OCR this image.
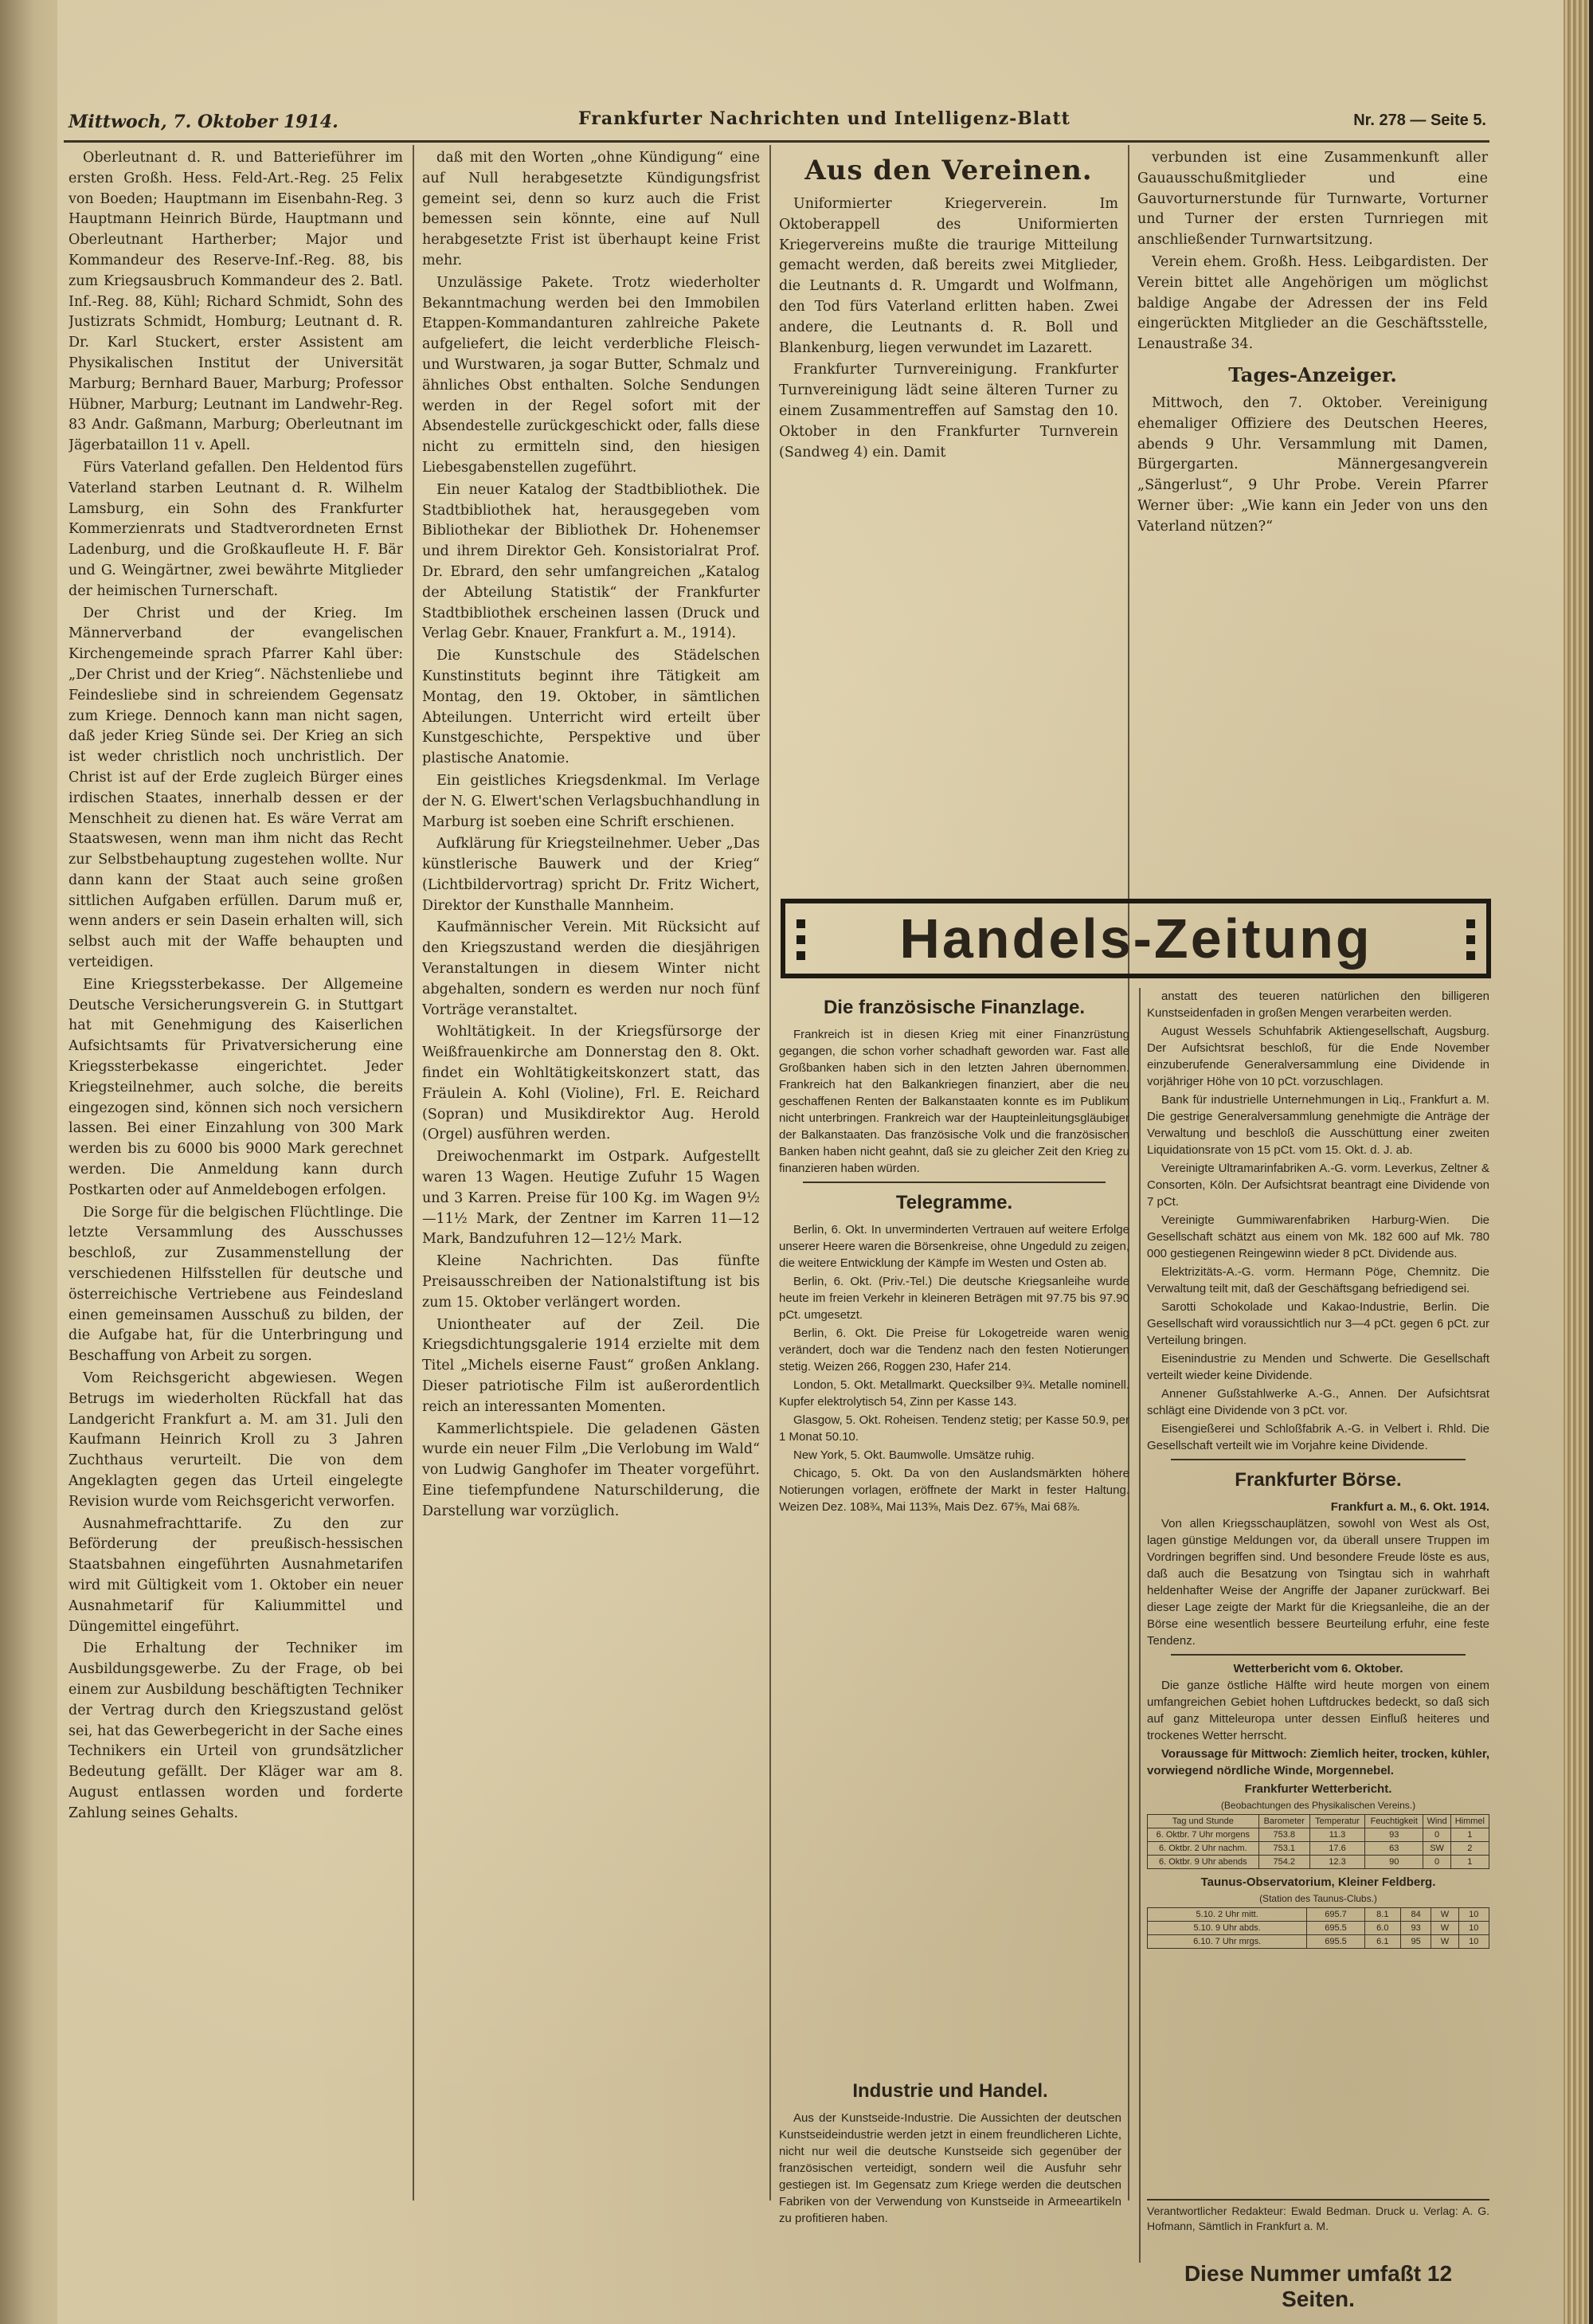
Mittwoch, 7. Oktober 1914.	Frankfurter Nachrichten und Intelligenz-Blatt	Nr. 278 — Seite 5.

Oberleutnant d. R. und Batterieführer im ersten Großh. Hess. Feld-Art.-Reg. 25 Felix von Boeden; Hauptmann im Eisenbahn-Reg. 3 Hauptmann Heinrich Bürde, Hauptmann und Oberleutnant Hartherber; Major und Kommandeur des Reserve-Inf.-Reg. 88, bis zum Kriegsausbruch Kommandeur des 2. Batl. Inf.-Reg. 88, Kühl; Richard Schmidt, Sohn des Justizrats Schmidt, Homburg; Leutnant d. R. Dr. Karl Stuckert, erster Assistent am Physikalischen Institut der Universität Marburg; Bernhard Bauer, Marburg; Professor Hübner, Marburg; Leutnant im Landwehr-Reg. 83 Andr. Gaßmann, Marburg; Oberleutnant im Jägerbataillon 11 v. Apell.

Fürs Vaterland gefallen. Den Heldentod fürs Vaterland starben Leutnant d. R. Wilhelm Lamsburg, ein Sohn des Frankfurter Kommerzienrats und Stadtverordneten Ernst Ladenburg, und die Großkaufleute H. F. Bär und G. Weingärtner, zwei bewährte Mitglieder der heimischen Turnerschaft.

Der Christ und der Krieg. Im Männerverband der evangelischen Kirchengemeinde sprach Pfarrer Kahl über: „Der Christ und der Krieg“. Nächstenliebe und Feindesliebe sind in schreiendem Gegensatz zum Kriege. Dennoch kann man nicht sagen, daß jeder Krieg Sünde sei. Der Krieg an sich ist weder christlich noch unchristlich. Der Christ ist auf der Erde zugleich Bürger eines irdischen Staates, innerhalb dessen er der Menschheit zu dienen hat. Es wäre Verrat am Staatswesen, wenn man ihm nicht das Recht zur Selbstbehauptung zugestehen wollte. Nur dann kann der Staat auch seine großen sittlichen Aufgaben erfüllen. Darum muß er, wenn anders er sein Dasein erhalten will, sich selbst auch mit der Waffe behaupten und verteidigen.

Eine Kriegssterbekasse. Der Allgemeine Deutsche Versicherungsverein G. in Stuttgart hat mit Genehmigung des Kaiserlichen Aufsichtsamts für Privatversicherung eine Kriegssterbekasse eingerichtet. Jeder Kriegsteilnehmer, auch solche, die bereits eingezogen sind, können sich noch versichern lassen. Bei einer Einzahlung von 300 Mark werden bis zu 6000 bis 9000 Mark gerechnet werden. Die Anmeldung kann durch Postkarten oder auf Anmeldebogen erfolgen.

Die Sorge für die belgischen Flüchtlinge. Die letzte Versammlung des Ausschusses beschloß, zur Zusammenstellung der verschiedenen Hilfsstellen für deutsche und österreichische Vertriebene aus Feindesland einen gemeinsamen Ausschuß zu bilden, der die Aufgabe hat, für die Unterbringung und Beschaffung von Arbeit zu sorgen.

Vom Reichsgericht abgewiesen. Wegen Betrugs im wiederholten Rückfall hat das Landgericht Frankfurt a. M. am 31. Juli den Kaufmann Heinrich Kroll zu 3 Jahren Zuchthaus verurteilt. Die von dem Angeklagten gegen das Urteil eingelegte Revision wurde vom Reichsgericht verworfen.

Ausnahmefrachttarife. Zu den zur Beförderung der preußisch-hessischen Staatsbahnen eingeführten Ausnahmetarifen wird mit Gültigkeit vom 1. Oktober ein neuer Ausnahmetarif für Kaliummittel und Düngemittel eingeführt.

Die Erhaltung der Techniker im Ausbildungsgewerbe. Zu der Frage, ob bei einem zur Ausbildung beschäftigten Techniker der Vertrag durch den Kriegszustand gelöst sei, hat das Gewerbegericht in der Sache eines Technikers ein Urteil von grundsätzlicher Bedeutung gefällt. Der Kläger war am 8. August entlassen worden und forderte Zahlung seines Gehalts.

daß mit den Worten „ohne Kündigung“ eine auf Null herabgesetzte Kündigungsfrist gemeint sei, denn so kurz auch die Frist bemessen sein könnte, eine auf Null herabgesetzte Frist ist überhaupt keine Frist mehr.

Unzulässige Pakete. Trotz wiederholter Bekanntmachung werden bei den Immobilen Etappen-Kommandanturen zahlreiche Pakete aufgeliefert, die leicht verderbliche Fleisch- und Wurstwaren, ja sogar Butter, Schmalz und ähnliches Obst enthalten. Solche Sendungen werden in der Regel sofort mit der Absendestelle zurückgeschickt oder, falls diese nicht zu ermitteln sind, den hiesigen Liebesgabenstellen zugeführt.

Ein neuer Katalog der Stadtbibliothek. Die Stadtbibliothek hat, herausgegeben vom Bibliothekar der Bibliothek Dr. Hohenemser und ihrem Direktor Geh. Konsistorialrat Prof. Dr. Ebrard, den sehr umfangreichen „Katalog der Abteilung Statistik“ der Frankfurter Stadtbibliothek erscheinen lassen (Druck und Verlag Gebr. Knauer, Frankfurt a. M., 1914).

Die Kunstschule des Städelschen Kunstinstituts beginnt ihre Tätigkeit am Montag, den 19. Oktober, in sämtlichen Abteilungen. Unterricht wird erteilt über Kunstgeschichte, Perspektive und über plastische Anatomie.

Ein geistliches Kriegsdenkmal. Im Verlage der N. G. Elwert'schen Verlagsbuchhandlung in Marburg ist soeben eine Schrift erschienen.

Aufklärung für Kriegsteilnehmer. Ueber „Das künstlerische Bauwerk und der Krieg“ (Lichtbildervortrag) spricht Dr. Fritz Wichert, Direktor der Kunsthalle Mannheim.

Kaufmännischer Verein. Mit Rücksicht auf den Kriegszustand werden die diesjährigen Veranstaltungen in diesem Winter nicht abgehalten, sondern es werden nur noch fünf Vorträge veranstaltet.

Wohltätigkeit. In der Kriegsfürsorge der Weißfrauenkirche am Donnerstag den 8. Okt. findet ein Wohltätigkeitskonzert statt, das Fräulein A. Kohl (Violine), Frl. E. Reichard (Sopran) und Musikdirektor Aug. Herold (Orgel) ausführen werden.

Dreiwochenmarkt im Ostpark. Aufgestellt waren 13 Wagen. Heutige Zufuhr 15 Wagen und 3 Karren. Preise für 100 Kg. im Wagen 9½—11½ Mark, der Zentner im Karren 11—12 Mark, Bandzufuhren 12—12½ Mark.

Kleine Nachrichten. Das fünfte Preisausschreiben der Nationalstiftung ist bis zum 15. Oktober verlängert worden.

Uniontheater auf der Zeil. Die Kriegsdichtungsgalerie 1914 erzielte mit dem Titel „Michels eiserne Faust“ großen Anklang. Dieser patriotische Film ist außerordentlich reich an interessanten Momenten.

Kammerlichtspiele. Die geladenen Gästen wurde ein neuer Film „Die Verlobung im Wald“ von Ludwig Ganghofer im Theater vorgeführt. Eine tiefempfundene Naturschilderung, die Darstellung war vorzüglich.

Aus den Vereinen.

Uniformierter Kriegerverein. Im Oktoberappell des Uniformierten Kriegervereins mußte die traurige Mitteilung gemacht werden, daß bereits zwei Mitglieder, die Leutnants d. R. Umgardt und Wolfmann, den Tod fürs Vaterland erlitten haben. Zwei andere, die Leutnants d. R. Boll und Blankenburg, liegen verwundet im Lazarett.

Frankfurter Turnvereinigung. Frankfurter Turnvereinigung lädt seine älteren Turner zu einem Zusammentreffen auf Samstag den 10. Oktober in den Frankfurter Turnverein (Sandweg 4) ein. Damit

verbunden ist eine Zusammenkunft aller Gauausschußmitglieder und eine Gauvorturnerstunde für Turnwarte, Vorturner und Turner der ersten Turnriegen mit anschließender Turnwartsitzung.

Verein ehem. Großh. Hess. Leibgardisten. Der Verein bittet alle Angehörigen um möglichst baldige Angabe der Adressen der ins Feld eingerückten Mitglieder an die Geschäftsstelle, Lenaustraße 34.

Tages-Anzeiger.

Mittwoch, den 7. Oktober. Vereinigung ehemaliger Offiziere des Deutschen Heeres, abends 9 Uhr. Versammlung mit Damen, Bürgergarten. Männergesangverein „Sängerlust“, 9 Uhr Probe. Verein Pfarrer Werner über: „Wie kann ein Jeder von uns den Vaterland nützen?“

Handels-Zeitung
Die französische Finanzlage.

Frankreich ist in diesen Krieg mit einer Finanzrüstung gegangen, die schon vorher schadhaft geworden war. Fast alle Großbanken haben sich in den letzten Jahren übernommen. Frankreich hat den Balkankriegen finanziert, aber die neu geschaffenen Renten der Balkanstaaten konnte es im Publikum nicht unterbringen. Frankreich war der Haupteinleitungsgläubiger der Balkanstaaten. Das französische Volk und die französischen Banken haben nicht geahnt, daß sie zu gleicher Zeit den Krieg zu finanzieren haben würden.

Telegramme.

Berlin, 6. Okt. In unverminderten Vertrauen auf weitere Erfolge unserer Heere waren die Börsenkreise, ohne Ungeduld zu zeigen, die weitere Entwicklung der Kämpfe im Westen und Osten ab.

Berlin, 6. Okt. (Priv.-Tel.) Die deutsche Kriegsanleihe wurde heute im freien Verkehr in kleineren Beträgen mit 97.75 bis 97.90 pCt. umgesetzt.

Berlin, 6. Okt. Die Preise für Lokogetreide waren wenig verändert, doch war die Tendenz nach den festen Notierungen stetig. Weizen 266, Roggen 230, Hafer 214.

London, 5. Okt. Metallmarkt. Quecksilber 9¾. Metalle nominell. Kupfer elektrolytisch 54, Zinn per Kasse 143.

Glasgow, 5. Okt. Roheisen. Tendenz stetig; per Kasse 50.9, per 1 Monat 50.10.

New York, 5. Okt. Baumwolle. Umsätze ruhig.

Chicago, 5. Okt. Da von den Auslandsmärkten höhere Notierungen vorlagen, eröffnete der Markt in fester Haltung. Weizen Dez. 108¾, Mai 113⅝, Mais Dez. 67⅝, Mai 68⅞.

Industrie und Handel.

Aus der Kunstseide-Industrie. Die Aussichten der deutschen Kunstseideindustrie werden jetzt in einem freundlicheren Lichte, nicht nur weil die deutsche Kunstseide sich gegenüber der französischen verteidigt, sondern weil die Ausfuhr sehr gestiegen ist. Im Gegensatz zum Kriege werden die deutschen Fabriken von der Verwendung von Kunstseide in Armeeartikeln zu profitieren haben.

anstatt des teueren natürlichen den billigeren Kunstseidenfaden in großen Mengen verarbeiten werden.

August Wessels Schuhfabrik Aktiengesellschaft, Augsburg. Der Aufsichtsrat beschloß, für die Ende November einzuberufende Generalversammlung eine Dividende in vorjähriger Höhe von 10 pCt. vorzuschlagen.

Bank für industrielle Unternehmungen in Liq., Frankfurt a. M. Die gestrige Generalversammlung genehmigte die Anträge der Verwaltung und beschloß die Ausschüttung einer zweiten Liquidationsrate von 15 pCt. vom 15. Okt. d. J. ab.

Vereinigte Ultramarinfabriken A.-G. vorm. Leverkus, Zeltner & Consorten, Köln. Der Aufsichtsrat beantragt eine Dividende von 7 pCt.

Vereinigte Gummiwarenfabriken Harburg-Wien. Die Gesellschaft schätzt aus einem von Mk. 182 600 auf Mk. 780 000 gestiegenen Reingewinn wieder 8 pCt. Dividende aus.

Elektrizitäts-A.-G. vorm. Hermann Pöge, Chemnitz. Die Verwaltung teilt mit, daß der Geschäftsgang befriedigend sei.

Sarotti Schokolade und Kakao-Industrie, Berlin. Die Gesellschaft wird voraussichtlich nur 3—4 pCt. gegen 6 pCt. zur Verteilung bringen.

Eisenindustrie zu Menden und Schwerte. Die Gesellschaft verteilt wieder keine Dividende.

Annener Gußstahlwerke A.-G., Annen. Der Aufsichtsrat schlägt eine Dividende von 3 pCt. vor.

Eisengießerei und Schloßfabrik A.-G. in Velbert i. Rhld. Die Gesellschaft verteilt wie im Vorjahre keine Dividende.

Frankfurter Börse.
Frankfurt a. M., 6. Okt. 1914.

Von allen Kriegsschauplätzen, sowohl von West als Ost, lagen günstige Meldungen vor, da überall unsere Truppen im Vordringen begriffen sind. Und besondere Freude löste es aus, daß auch die Besatzung von Tsingtau sich in wahrhaft heldenhafter Weise der Angriffe der Japaner zurückwarf. Bei dieser Lage zeigte der Markt für die Kriegsanleihe, die an der Börse eine wesentlich bessere Beurteilung erfuhr, eine feste Tendenz.

Wetterbericht vom 6. Oktober.

Die ganze östliche Hälfte wird heute morgen von einem umfangreichen Gebiet hohen Luftdruckes bedeckt, so daß sich auf ganz Mitteleuropa unter dessen Einfluß heiteres und trockenes Wetter herrscht.

Voraussage für Mittwoch: Ziemlich heiter, trocken, kühler, vorwiegend nördliche Winde, Morgennebel.

Frankfurter Wetterbericht.
(Beobachtungen des Physikalischen Vereins.)
Tag und Stunde	Barometer	Temperatur	Feuchtigkeit	Wind	Himmel
6. Oktbr. 7 Uhr morgens	753.8	11.3	93	0	1
6. Oktbr. 2 Uhr nachm.	753.1	17.6	63	SW	2
6. Oktbr. 9 Uhr abends	754.2	12.3	90	0	1
Taunus-Observatorium, Kleiner Feldberg.
(Station des Taunus-Clubs.)
5.10. 2 Uhr mitt.	695.7	8.1	84	W	10
5.10. 9 Uhr abds.	695.5	6.0	93	W	10
6.10. 7 Uhr mrgs.	695.5	6.1	95	W	10
Verantwortlicher Redakteur: Ewald Bedman. Druck u. Verlag: A. G. Hofmann, Sämtlich in Frankfurt a. M.
Diese Nummer umfaßt 12 Seiten.
